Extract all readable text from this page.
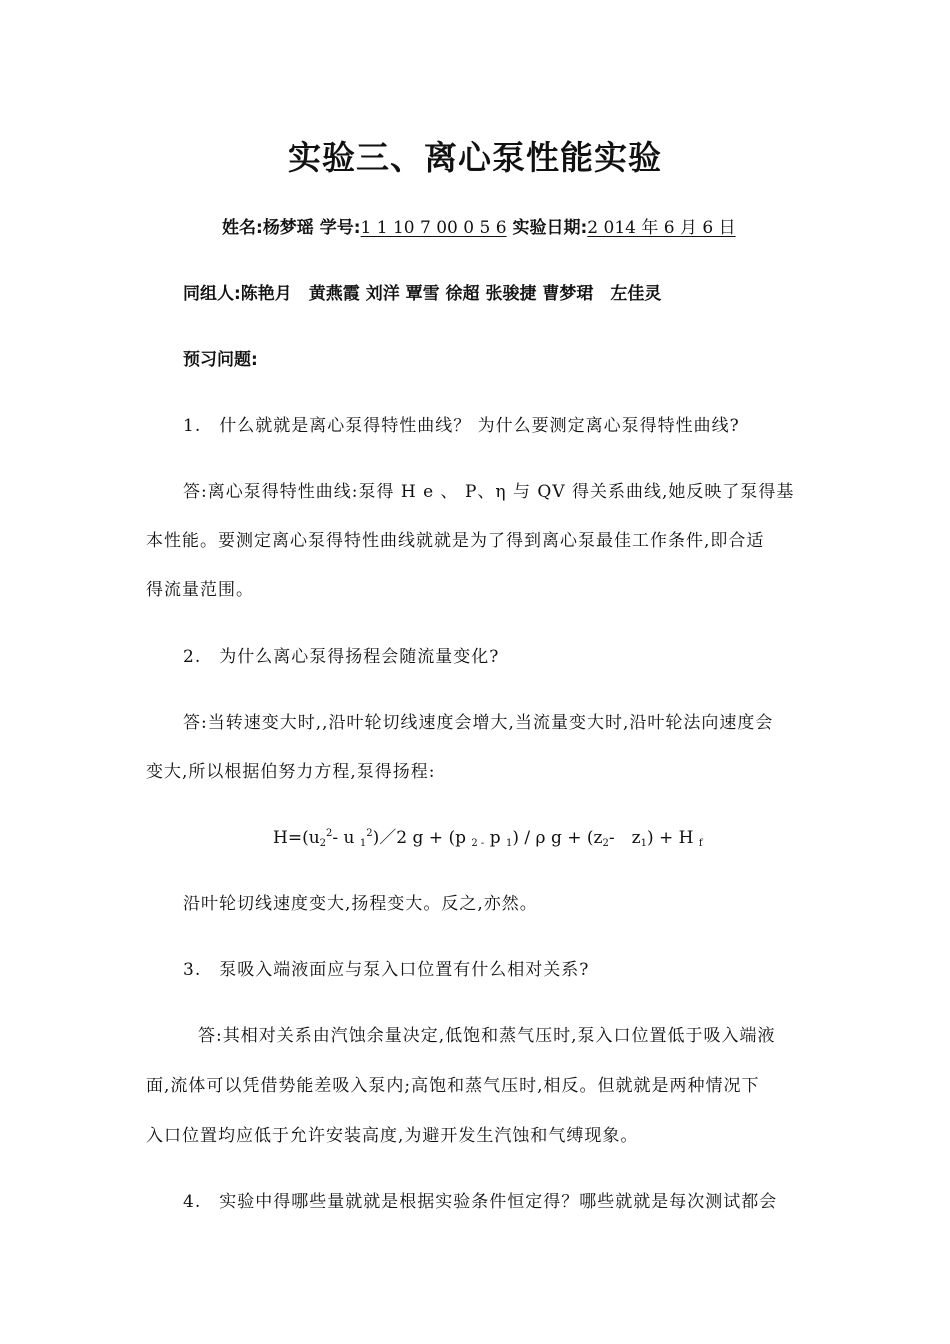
实验三、离心泵性能实验
姓名:杨梦瑶 学号:1 1 10 7 00 0 5 6 实验日期:2 014 年 6 月 6 日
同组人:陈艳月　黄燕霞 刘洋 覃雪 徐超 张骏捷 曹梦珺　左佳灵
预习问题:
1.　什么就就是离心泵得特性曲线？ 为什么要测定离心泵得特性曲线?
答:离心泵得特性曲线:泵得 H e 、 P、η 与 QV 得关系曲线,她反映了泵得基
本性能。要测定离心泵得特性曲线就就是为了得到离心泵最佳工作条件,即合适
得流量范围。
2.　为什么离心泵得扬程会随流量变化?
答:当转速变大时,,沿叶轮切线速度会增大,当流量变大时,沿叶轮法向速度会
变大,所以根据伯努力方程,泵得扬程:
$H=(u_2^2-$ u $_1^2$)／2 g + (p $_{2 -}$ p $_1$) / ρ $g + (z_2-$　$z_1) + H$ $_f$
沿叶轮切线速度变大,扬程变大。反之,亦然。
3.　泵吸入端液面应与泵入口位置有什么相对关系?
答:其相对关系由汽蚀余量决定,低饱和蒸气压时,泵入口位置低于吸入端液
面,流体可以凭借势能差吸入泵内;高饱和蒸气压时,相反。但就就是两种情况下
入口位置均应低于允许安装高度,为避开发生汽蚀和气缚现象。
4.　实验中得哪些量就就是根据实验条件恒定得？哪些就就是每次测试都会
